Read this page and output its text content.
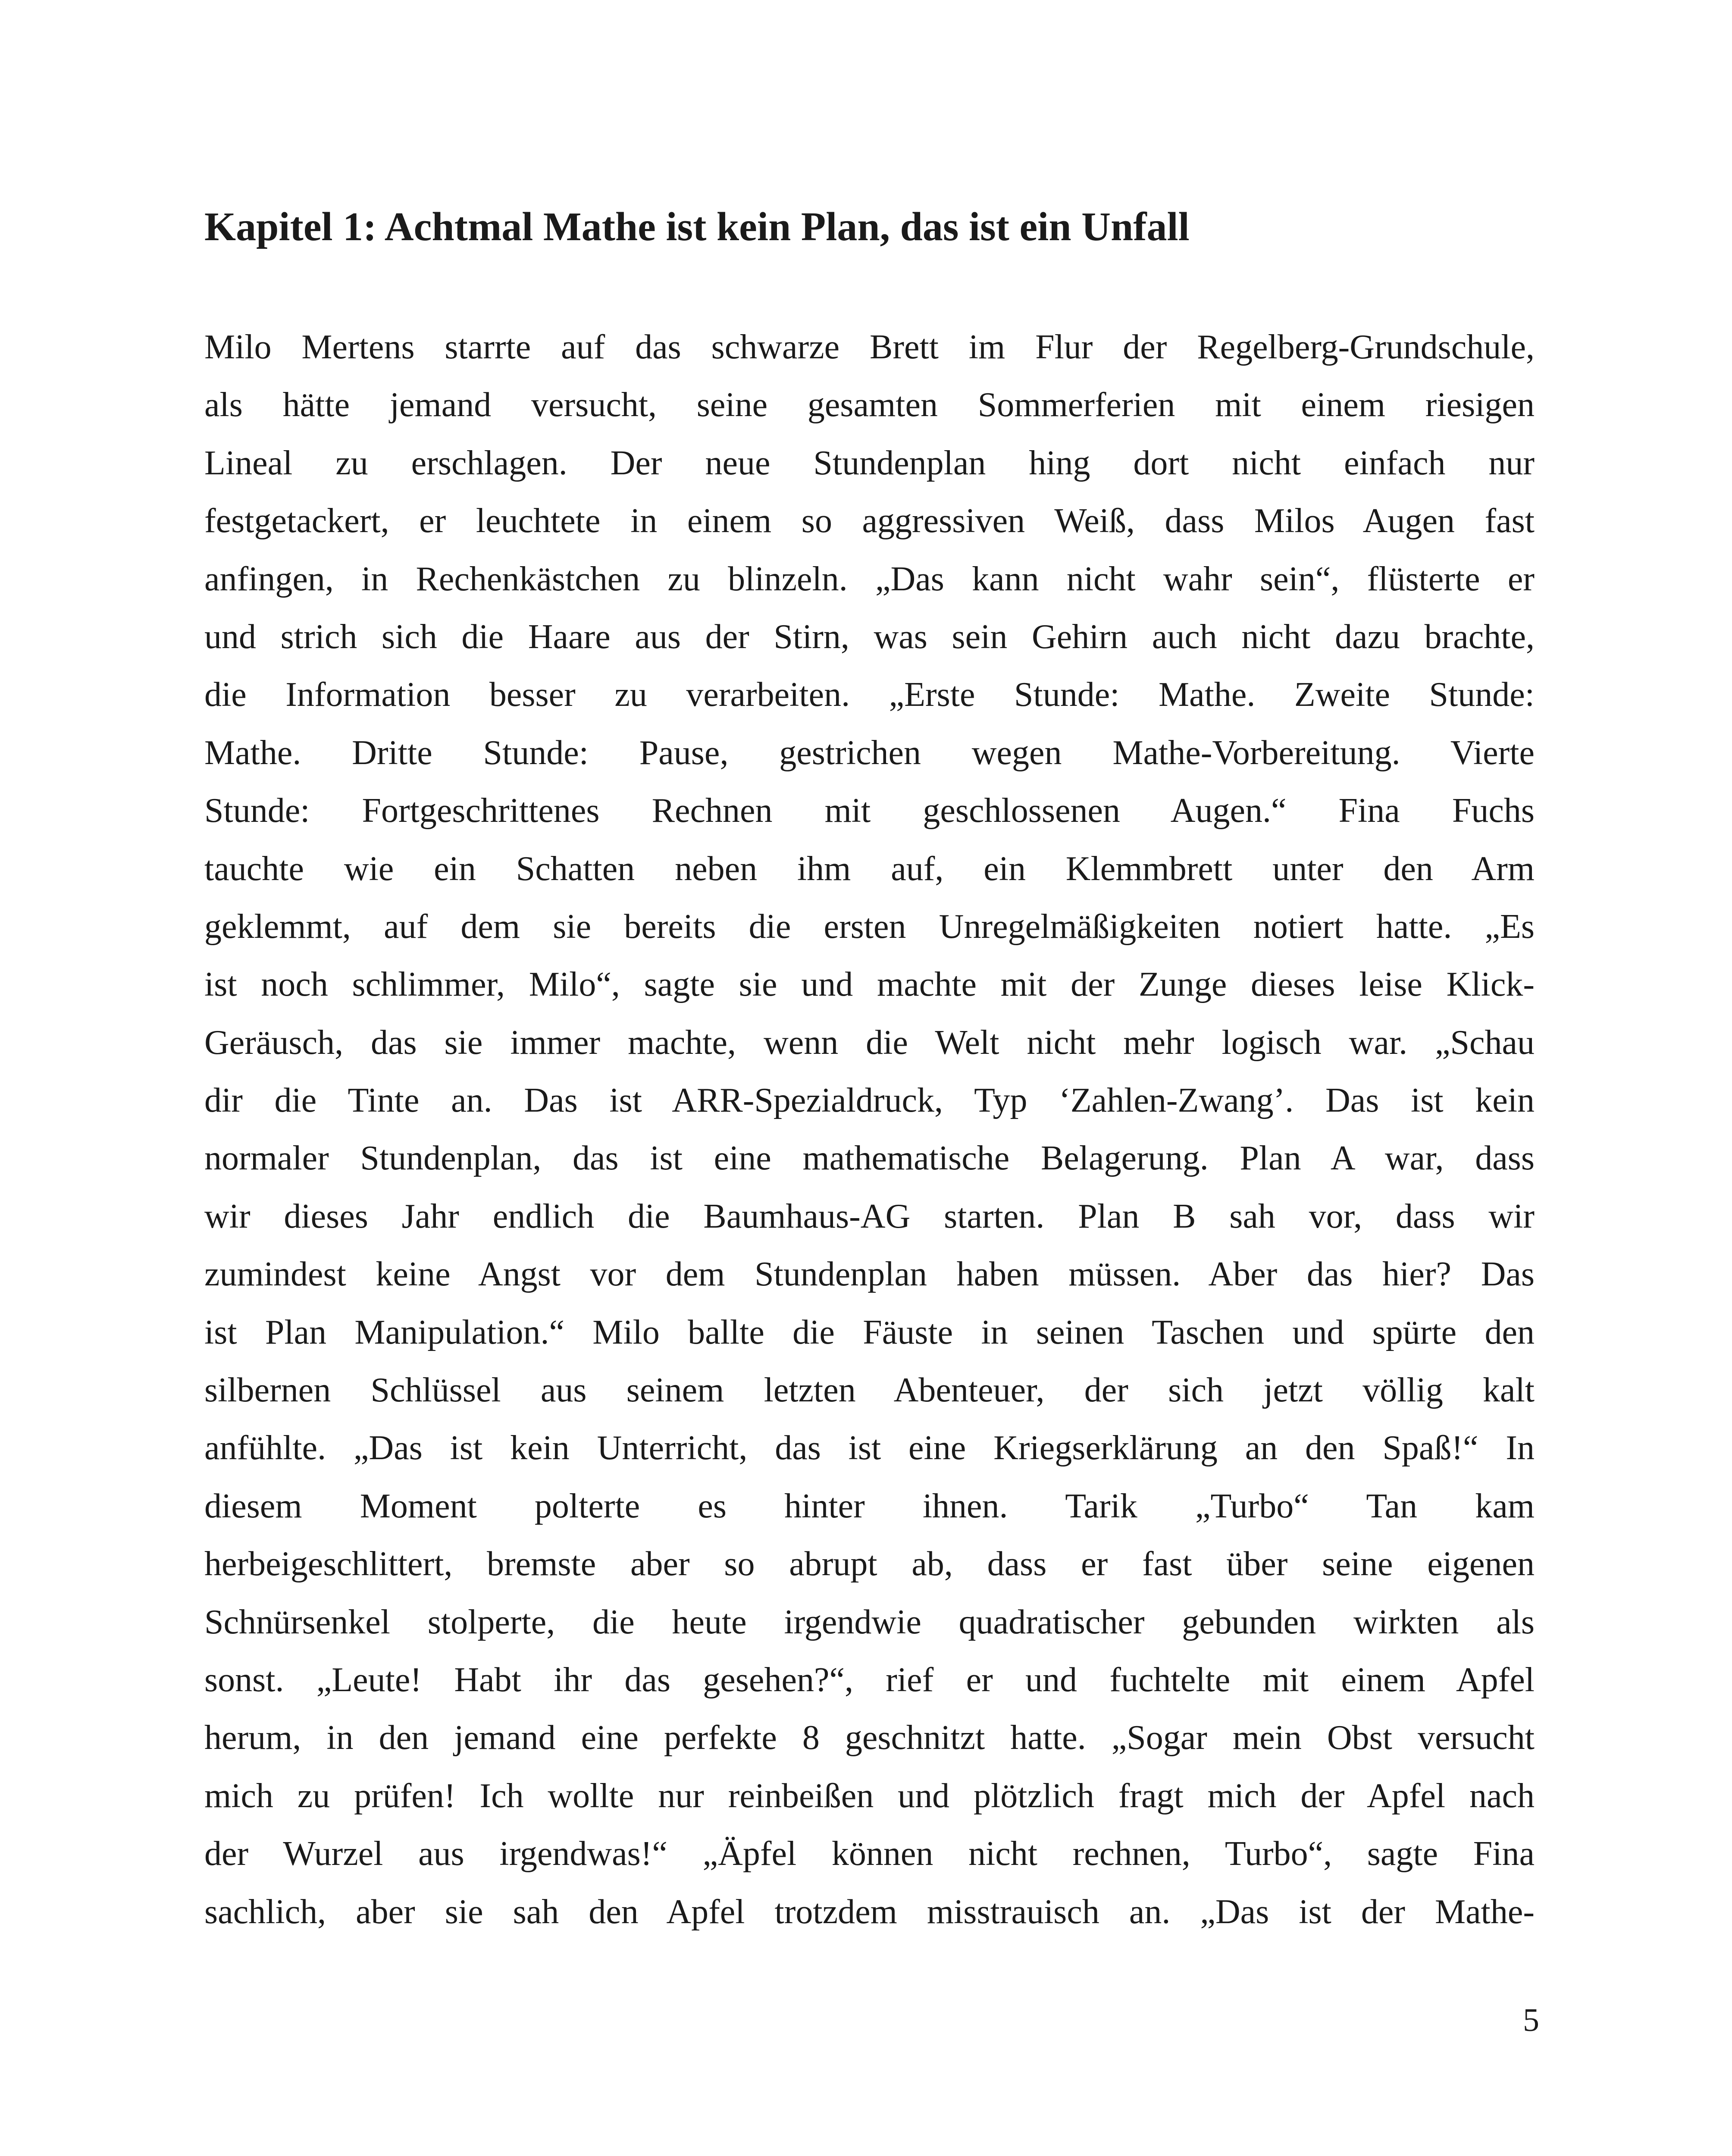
Kapitel 1: Achtmal Mathe ist kein Plan, das ist ein Unfall
Milo Mertens starrte auf das schwarze Brett im Flur der Regelberg-Grundschule,
als hätte jemand versucht, seine gesamten Sommerferien mit einem riesigen
Lineal zu erschlagen. Der neue Stundenplan hing dort nicht einfach nur
festgetackert, er leuchtete in einem so aggressiven Weiß, dass Milos Augen fast
anfingen, in Rechenkästchen zu blinzeln. „Das kann nicht wahr sein“, flüsterte er
und strich sich die Haare aus der Stirn, was sein Gehirn auch nicht dazu brachte,
die Information besser zu verarbeiten. „Erste Stunde: Mathe. Zweite Stunde:
Mathe. Dritte Stunde: Pause, gestrichen wegen Mathe-Vorbereitung. Vierte
Stunde: Fortgeschrittenes Rechnen mit geschlossenen Augen.“ Fina Fuchs
tauchte wie ein Schatten neben ihm auf, ein Klemmbrett unter den Arm
geklemmt, auf dem sie bereits die ersten Unregelmäßigkeiten notiert hatte. „Es
ist noch schlimmer, Milo“, sagte sie und machte mit der Zunge dieses leise Klick-
Geräusch, das sie immer machte, wenn die Welt nicht mehr logisch war. „Schau
dir die Tinte an. Das ist ARR-Spezialdruck, Typ ‘Zahlen-Zwang’. Das ist kein
normaler Stundenplan, das ist eine mathematische Belagerung. Plan A war, dass
wir dieses Jahr endlich die Baumhaus-AG starten. Plan B sah vor, dass wir
zumindest keine Angst vor dem Stundenplan haben müssen. Aber das hier? Das
ist Plan Manipulation.“ Milo ballte die Fäuste in seinen Taschen und spürte den
silbernen Schlüssel aus seinem letzten Abenteuer, der sich jetzt völlig kalt
anfühlte. „Das ist kein Unterricht, das ist eine Kriegserklärung an den Spaß!“ In
diesem Moment polterte es hinter ihnen. Tarik „Turbo“ Tan kam
herbeigeschlittert, bremste aber so abrupt ab, dass er fast über seine eigenen
Schnürsenkel stolperte, die heute irgendwie quadratischer gebunden wirkten als
sonst. „Leute! Habt ihr das gesehen?“, rief er und fuchtelte mit einem Apfel
herum, in den jemand eine perfekte 8 geschnitzt hatte. „Sogar mein Obst versucht
mich zu prüfen! Ich wollte nur reinbeißen und plötzlich fragt mich der Apfel nach
der Wurzel aus irgendwas!“ „Äpfel können nicht rechnen, Turbo“, sagte Fina
sachlich, aber sie sah den Apfel trotzdem misstrauisch an. „Das ist der Mathe-
5
